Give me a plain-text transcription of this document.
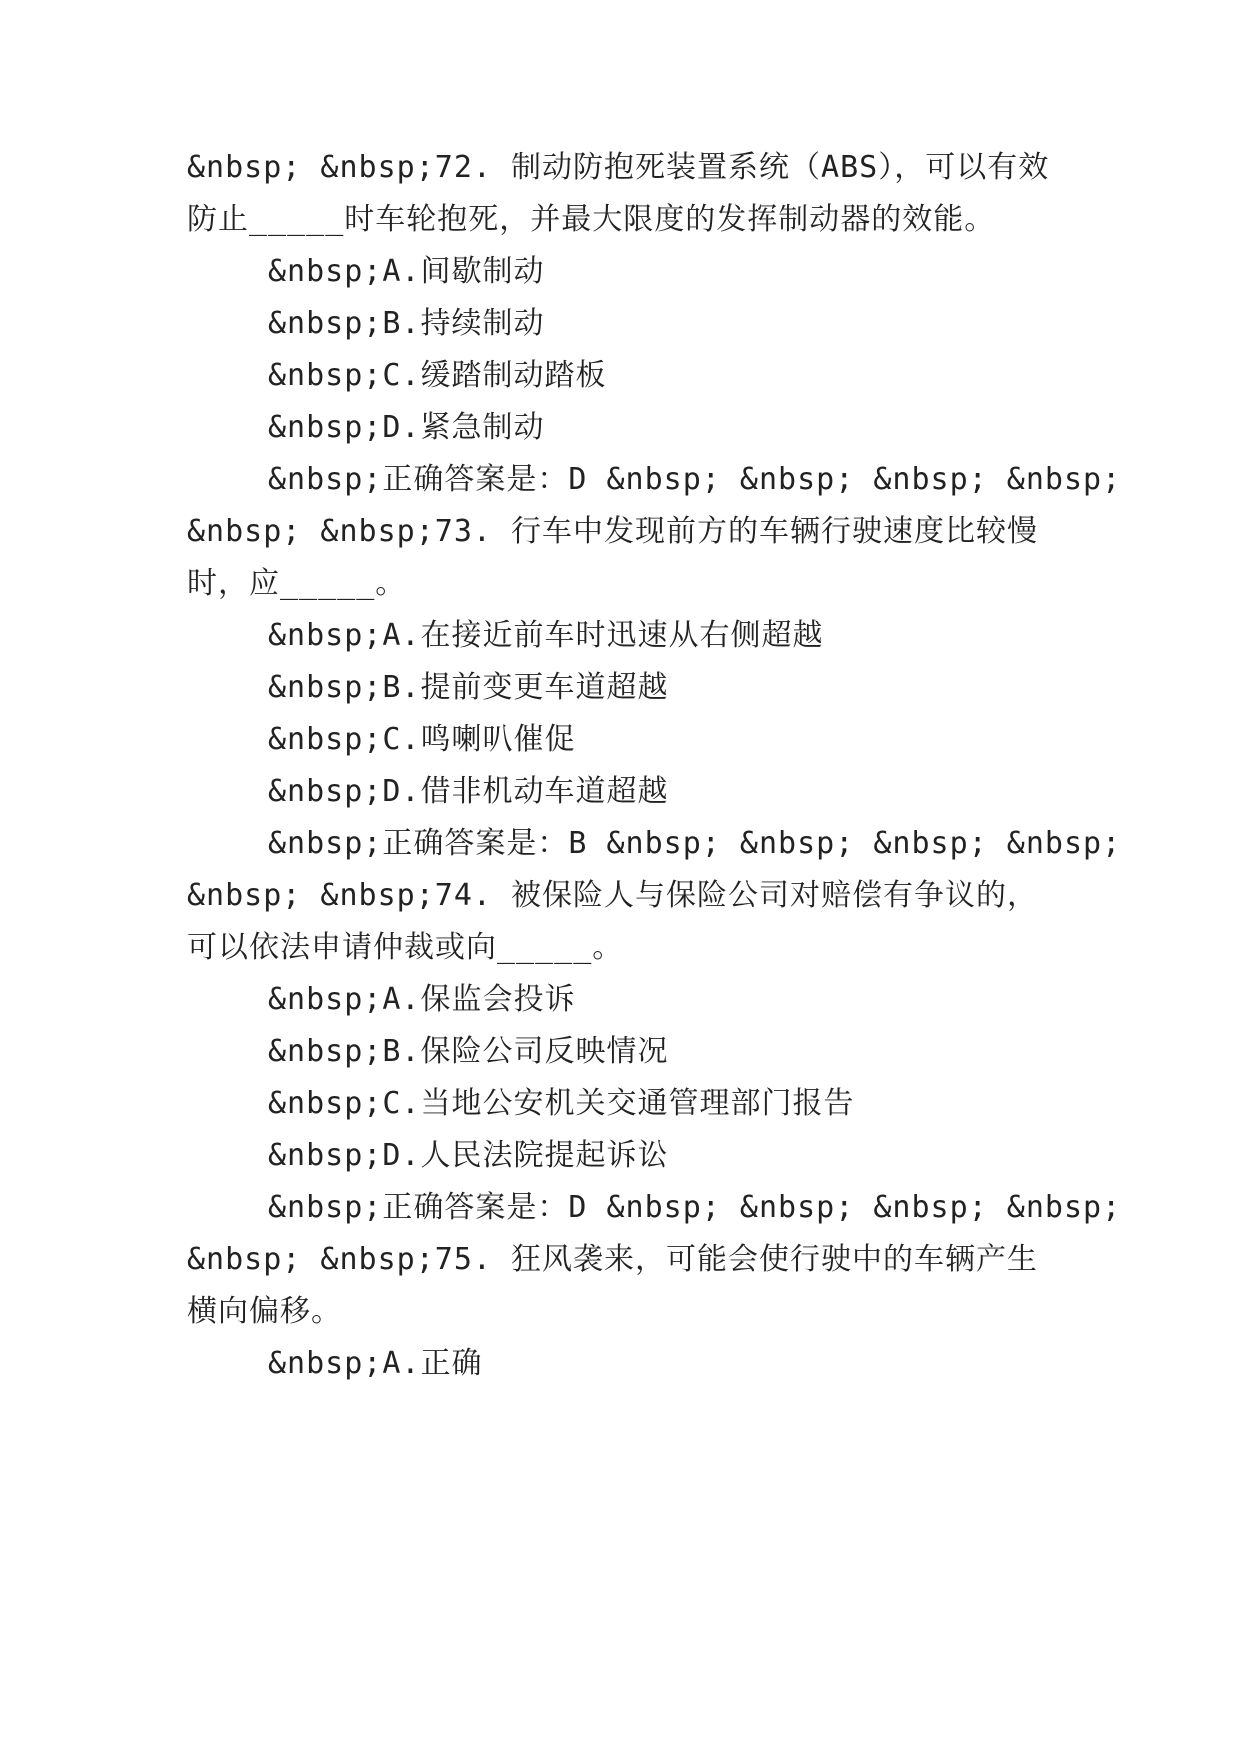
&nbsp; &nbsp;72. 制动防抱死装置系统（ABS），可以有效
防止_____时车轮抱死，并最大限度的发挥制动器的效能。
&nbsp;A.间歇制动
&nbsp;B.持续制动
&nbsp;C.缓踏制动踏板
&nbsp;D.紧急制动
&nbsp;正确答案是：D &nbsp; &nbsp; &nbsp; &nbsp;
&nbsp; &nbsp;73. 行车中发现前方的车辆行驶速度比较慢
时，应_____。
&nbsp;A.在接近前车时迅速从右侧超越
&nbsp;B.提前变更车道超越
&nbsp;C.鸣喇叭催促
&nbsp;D.借非机动车道超越
&nbsp;正确答案是：B &nbsp; &nbsp; &nbsp; &nbsp;
&nbsp; &nbsp;74. 被保险人与保险公司对赔偿有争议的，
可以依法申请仲裁或向_____。
&nbsp;A.保监会投诉
&nbsp;B.保险公司反映情况
&nbsp;C.当地公安机关交通管理部门报告
&nbsp;D.人民法院提起诉讼
&nbsp;正确答案是：D &nbsp; &nbsp; &nbsp; &nbsp;
&nbsp; &nbsp;75. 狂风袭来，可能会使行驶中的车辆产生
横向偏移。
&nbsp;A.正确
